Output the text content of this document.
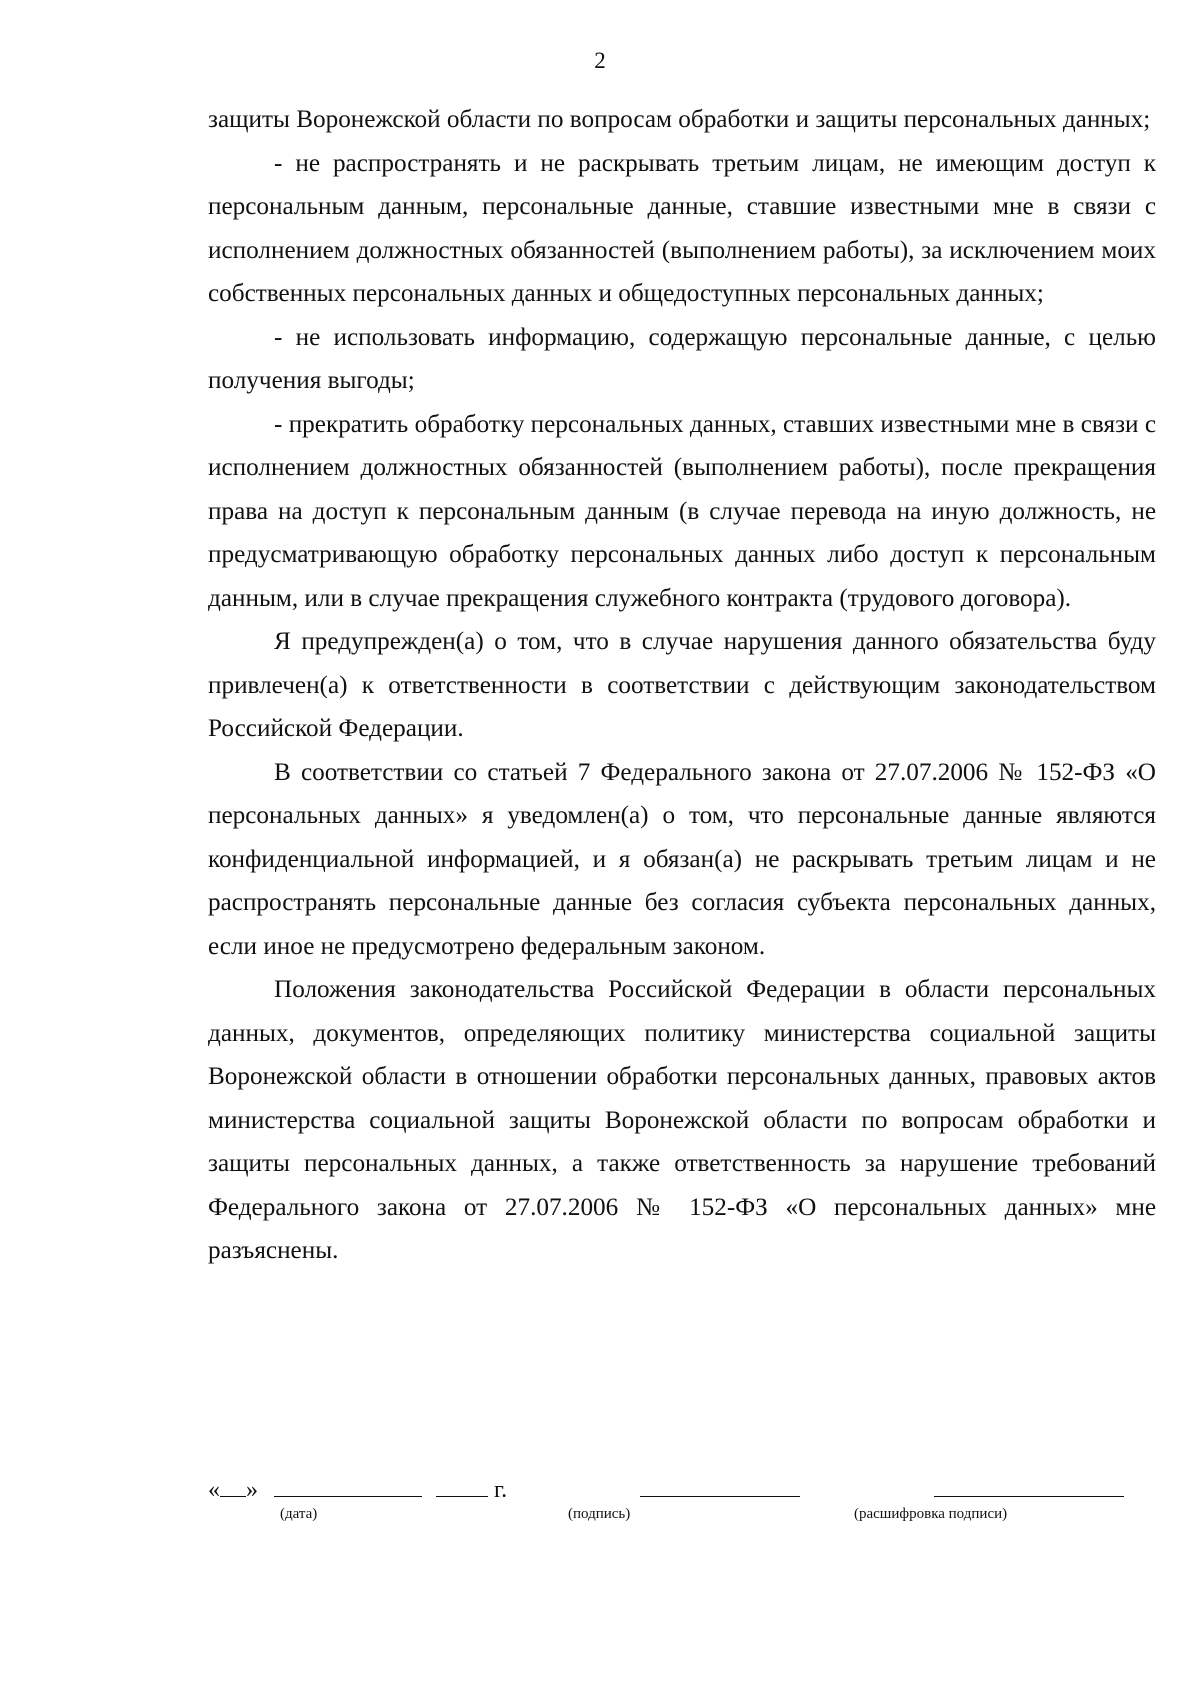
2

защиты Воронежской области по вопросам обработки и защиты персональных данных;

- не распространять и не раскрывать третьим лицам, не имеющим доступ к персональным данным, персональные данные, ставшие известными мне в связи с исполнением должностных обязанностей (выполнением работы), за исключением моих собственных персональных данных и общедоступных персональных данных;

- не использовать информацию, содержащую персональные данные, с целью получения выгоды;

- прекратить обработку персональных данных, ставших известными мне в связи с исполнением должностных обязанностей (выполнением работы), после прекращения права на доступ к персональным данным (в случае перевода на иную должность, не предусматривающую обработку персональных данных либо доступ к персональным данным, или в случае прекращения служебного контракта (трудового договора).

Я предупрежден(а) о том, что в случае нарушения данного обязательства буду привлечен(а) к ответственности в соответствии с действующим законодательством Российской Федерации.

В соответствии со статьей 7 Федерального закона от 27.07.2006 № 152-ФЗ «О персональных данных» я уведомлен(а) о том, что персональные данные являются конфиденциальной информацией, и я обязан(а) не раскрывать третьим лицам и не распространять персональные данные без согласия субъекта персональных данных, если иное не предусмотрено федеральным законом.

Положения законодательства Российской Федерации в области персональных данных, документов, определяющих политику министерства социальной защиты Воронежской области в отношении обработки персональных данных, правовых актов министерства социальной защиты Воронежской области по вопросам обработки и защиты персональных данных, а также ответственность за нарушение требований Федерального закона от 27.07.2006 № 152-ФЗ «О персональных данных» мне разъяснены.

« »	г.
(дата)	(подпись)	(расшифровка подписи)
